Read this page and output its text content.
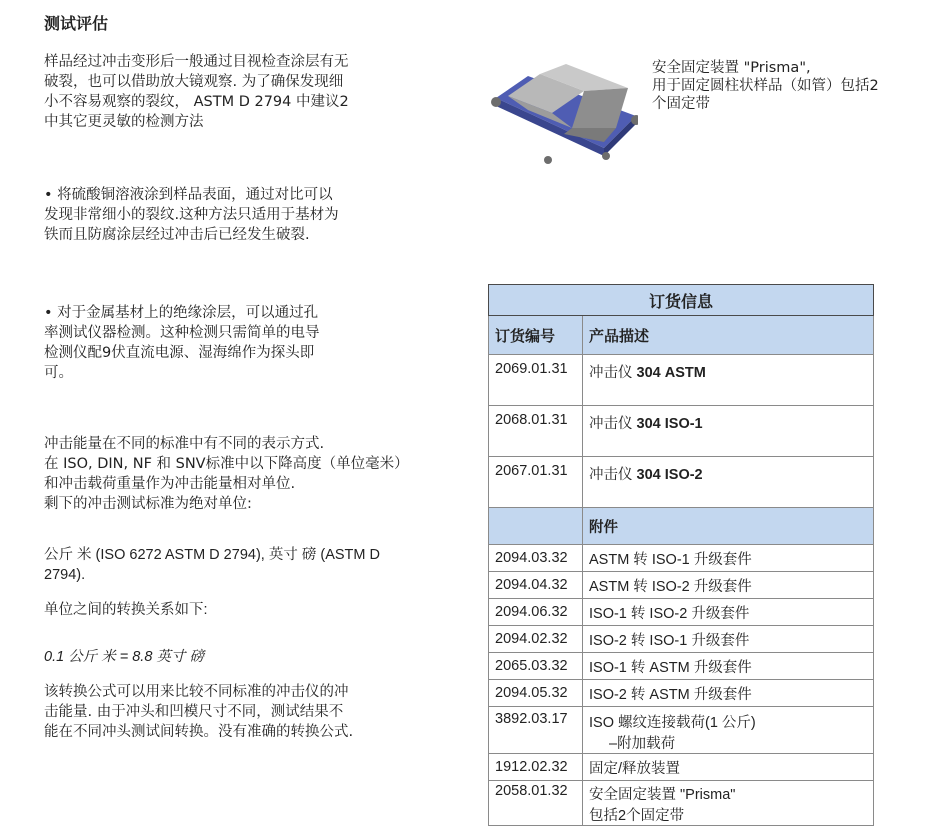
测试评估

样品经过冲击变形后一般通过目视检查涂层有无
破裂，也可以借助放大镜观察. 为了确保发现细
小不容易观察的裂纹， ASTM D 2794 中建议2
中其它更灵敏的检测方法

• 将硫酸铜溶液涂到样品表面，通过对比可以
发现非常细小的裂纹.这种方法只适用于基材为
铁而且防腐涂层经过冲击后已经发生破裂.

• 对于金属基材上的绝缘涂层，可以通过孔
率测试仪器检测。这种检测只需简单的电导
检测仪配9伏直流电源、湿海绵作为探头即
可。

冲击能量在不同的标准中有不同的表示方式.
在 ISO, DIN, NF 和 SNV标准中以下降高度（单位毫米）
和冲击载荷重量作为冲击能量相对单位.
剩下的冲击测试标准为绝对单位:

公斤 米 (ISO 6272 ASTM D 2794), 英寸 磅 (ASTM D
2794).

单位之间的转换关系如下:

0.1 公斤 米 = 8.8 英寸 磅

该转换公式可以用来比较不同标准的冲击仪的冲
击能量. 由于冲头和凹模尺寸不同，测试结果不
能在不同冲头测试间转换。没有准确的转换公式.

安全固定装置 "Prisma",
用于固定圆柱状样品（如管）包括2
个固定带

订货信息	
订货编号	产品描述
2069.01.31	冲击仪 304 ASTM
2068.01.31	冲击仪 304 ISO-1
2067.01.31	冲击仪 304 ISO-2
	附件
2094.03.32	ASTM 转 ISO-1 升级套件
2094.04.32	ASTM 转 ISO-2 升级套件
2094.06.32	ISO-1 转 ISO-2 升级套件
2094.02.32	ISO-2 转 ISO-1 升级套件
2065.03.32	ISO-1 转 ASTM 升级套件
2094.05.32	ISO-2 转 ASTM 升级套件
3892.03.17	ISO 螺纹连接载荷(1 公斤)
–附加载荷

1912.02.32	固定/释放装置
2058.01.32	安全固定装置 "Prisma"
包括2个固定带
